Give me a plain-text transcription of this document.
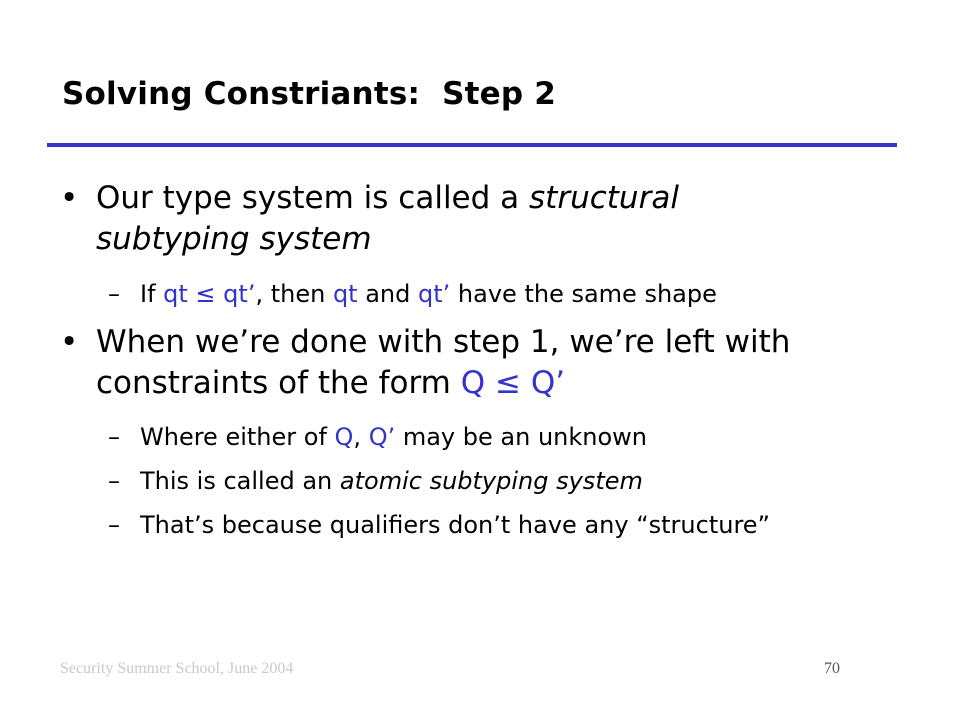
Solving Constriants:  Step 2
• Our type system is called a structural
subtyping system
– If qt ≤ qt’, then qt and qt’ have the same shape
• When we’re done with step 1, we’re left with
constraints of the form Q ≤ Q’
– Where either of Q, Q’ may be an unknown
– This is called an atomic subtyping system
– That’s because qualifiers don’t have any “structure”
Security Summer School, June 2004	70
